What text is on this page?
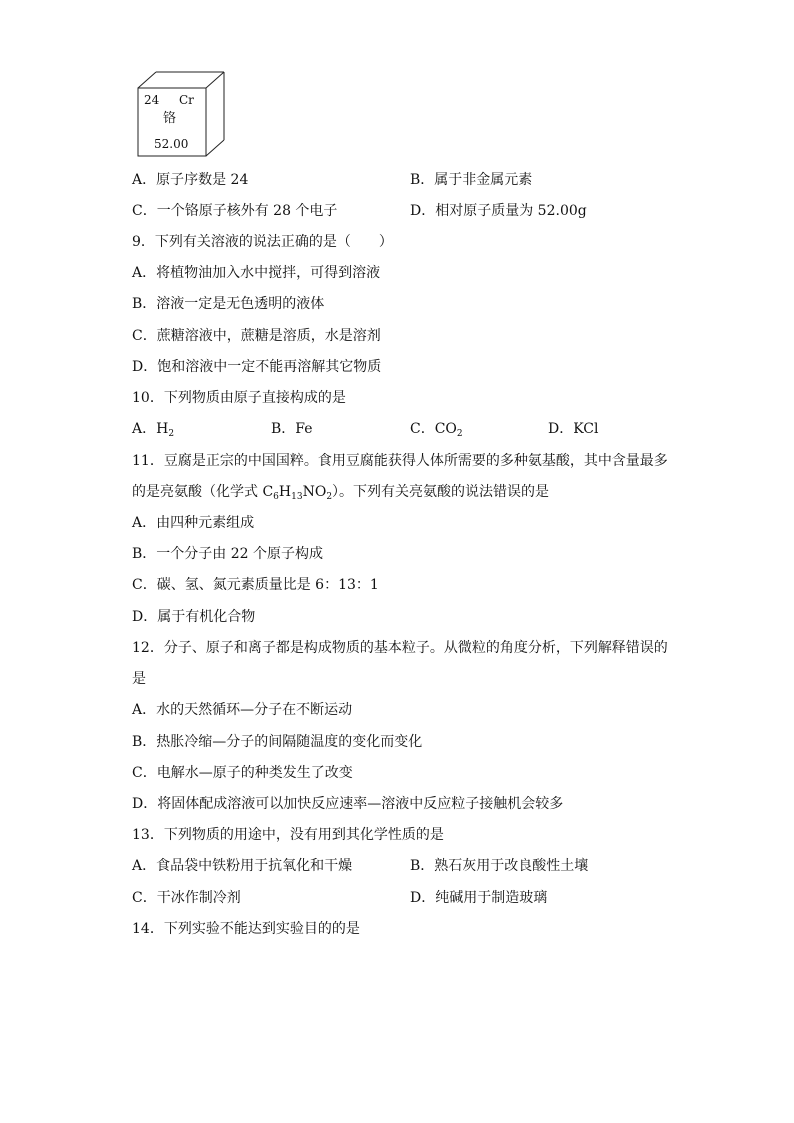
24 Cr
铬
52.00
A．原子序数是 24	B．属于非金属元素
C．一个铬原子核外有 28 个电子	D．相对原子质量为 52.00g
9．下列有关溶液的说法正确的是（　　）
A．将植物油加入水中搅拌，可得到溶液
B．溶液一定是无色透明的液体
C．蔗糖溶液中，蔗糖是溶质，水是溶剂
D．饱和溶液中一定不能再溶解其它物质
10．下列物质由原子直接构成的是
A．$H_2$	B．Fe	C．$CO_2$	D．KCl
11．豆腐是正宗的中国国粹。食用豆腐能获得人体所需要的多种氨基酸，其中含量最多
的是亮氨酸（化学式 $C_6H_{13}NO_2$）。下列有关亮氨酸的说法错误的是
A．由四种元素组成
B．一个分子由 22 个原子构成
C．碳、氢、氮元素质量比是 6：13：1
D．属于有机化合物
12．分子、原子和离子都是构成物质的基本粒子。从微粒的角度分析，下列解释错误的
是
A．水的天然循环—分子在不断运动
B．热胀冷缩—分子的间隔随温度的变化而变化
C．电解水—原子的种类发生了改变
D．将固体配成溶液可以加快反应速率—溶液中反应粒子接触机会较多
13．下列物质的用途中，没有用到其化学性质的是
A．食品袋中铁粉用于抗氧化和干燥	B．熟石灰用于改良酸性土壤
C．干冰作制冷剂	D．纯碱用于制造玻璃
14．下列实验不能达到实验目的的是
